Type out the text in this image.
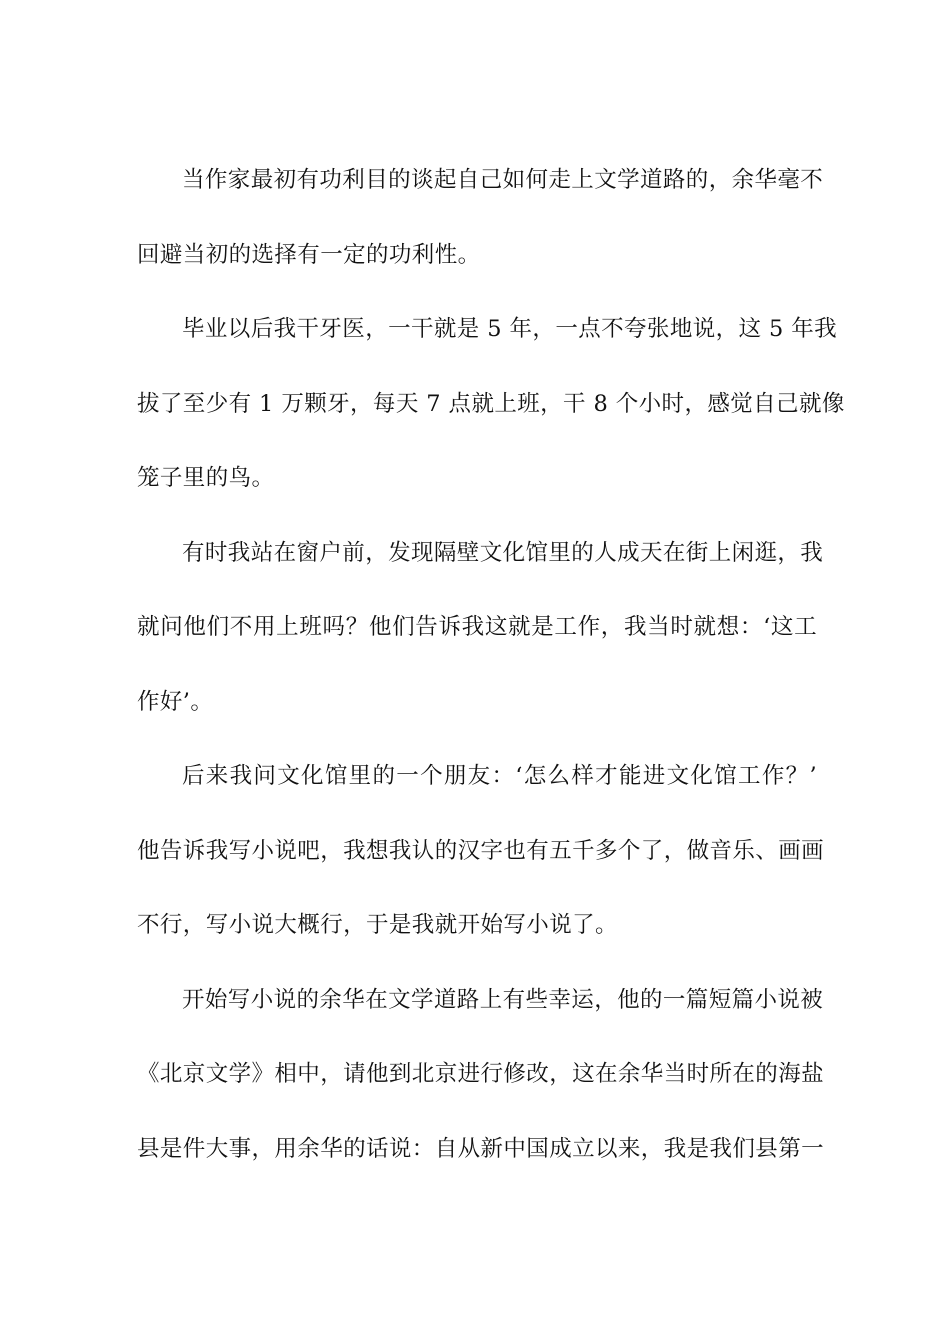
当作家最初有功利目的谈起自己如何走上文学道路的，余华毫不
回避当初的选择有一定的功利性。
毕业以后我干牙医，一干就是 5 年，一点不夸张地说，这 5 年我
拔了至少有 1 万颗牙，每天 7 点就上班，干 8 个小时，感觉自己就像
笼子里的鸟。
有时我站在窗户前，发现隔壁文化馆里的人成天在街上闲逛，我
就问他们不用上班吗？他们告诉我这就是工作，我当时就想：‘这工
作好’。
后来我问文化馆里的一个朋友：‘怎么样才能进文化馆工作？’
他告诉我写小说吧，我想我认的汉字也有五千多个了，做音乐、画画
不行，写小说大概行，于是我就开始写小说了。
开始写小说的余华在文学道路上有些幸运，他的一篇短篇小说被
《北京文学》相中，请他到北京进行修改，这在余华当时所在的海盐
县是件大事，用余华的话说：自从新中国成立以来，我是我们县第一
